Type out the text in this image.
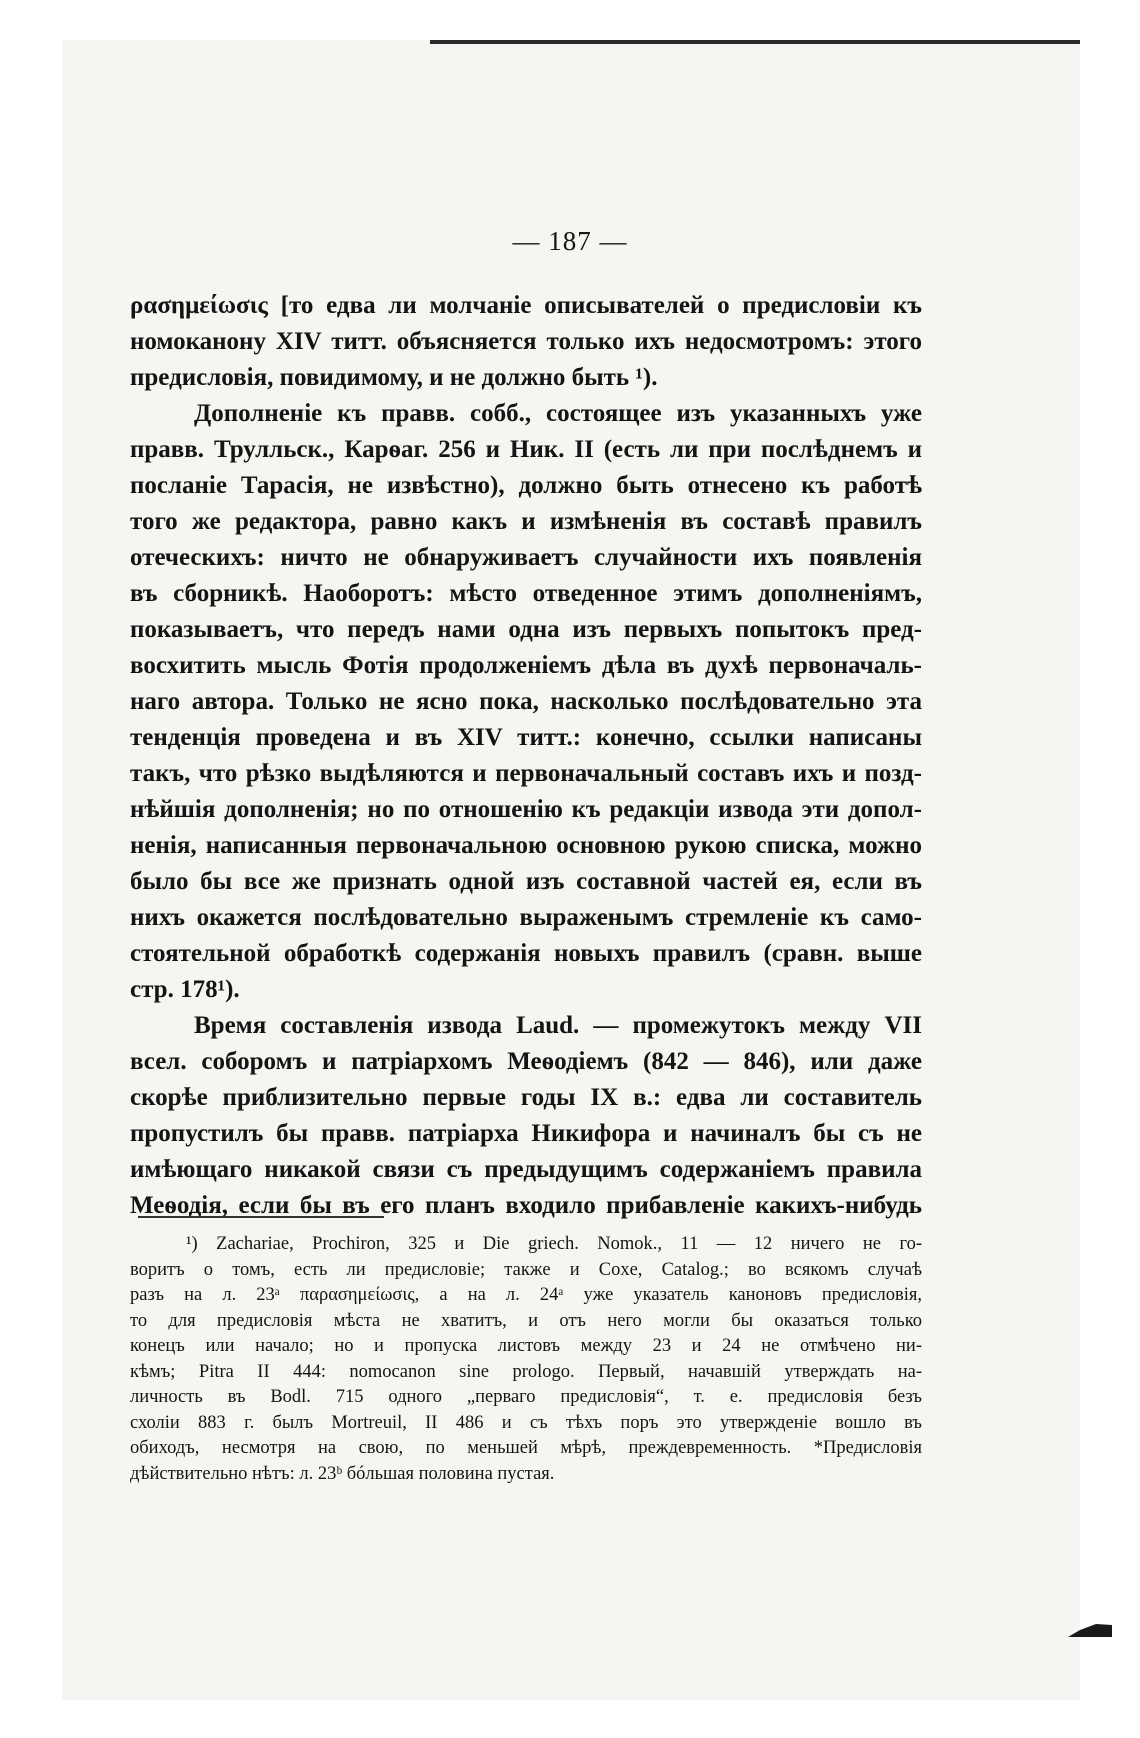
— 187 —
ρασημείωσις [то едва ли молчаніе описывателей о предисловіи къ
номоканону XIV титт. объясняется только ихъ недосмотромъ: этого
предисловія, повидимому, и не должно быть ¹).
Дополненіе къ правв. собб., состоящее изъ указанныхъ уже
правв. Трулльск., Карѳаг. 256 и Ник. II (есть ли при послѣднемъ и
посланіе Тарасія, не извѣстно), должно быть отнесено къ работѣ
того же редактора, равно какъ и измѣненія въ составѣ правилъ
отеческихъ: ничто не обнаруживаетъ случайности ихъ появленія
въ сборникѣ. Наоборотъ: мѣсто отведенное этимъ дополненіямъ,
показываетъ, что передъ нами одна изъ первыхъ попытокъ пред-
восхитить мысль Фотія продолженіемъ дѣла въ духѣ первоначаль-
наго автора. Только не ясно пока, насколько послѣдовательно эта
тенденція проведена и въ XIV титт.: конечно, ссылки написаны
такъ, что рѣзко выдѣляются и первоначальный составъ ихъ и позд-
нѣйшія дополненія; но по отношенію къ редакціи извода эти допол-
ненія, написанныя первоначальною основною рукою списка, можно
было бы все же признать одной изъ составной частей ея, если въ
нихъ окажется послѣдовательно выраженымъ стремленіе къ само-
стоятельной обработкѣ содержанія новыхъ правилъ (сравн. выше
стр. 178¹).
Время составленія извода Laud. — промежутокъ между VII
всел. соборомъ и патріархомъ Меѳодіемъ (842 — 846), или даже
скорѣе приблизительно первые годы IX в.: едва ли составитель
пропустилъ бы правв. патріарха Никифора и начиналъ бы съ не
имѣющаго никакой связи съ предыдущимъ содержаніемъ правила
Меѳодія, если бы въ его планъ входило прибавленіе какихъ-нибудь
¹) Zachariae, Prochiron, 325 и Die griech. Nomok., 11 — 12 ничего не го-
воритъ о томъ, есть ли предисловіе; также и Coxe, Catalog.; во всякомъ случаѣ
разъ на л. 23ᵃ παρασημείωσις, а на л. 24ᵃ уже указатель каноновъ предисловія,
то для предисловія мѣста не хватитъ, и отъ него могли бы оказаться только
конецъ или начало; но и пропуска листовъ между 23 и 24 не отмѣчено ни-
кѣмъ; Pitra II 444: nomocanon sine prologo. Первый, начавшій утверждать на-
личность въ Bodl. 715 одного „перваго предисловія“, т. е. предисловія безъ
схоліи 883 г. былъ Mortreuil, II 486 и съ тѣхъ поръ это утвержденіе вошло въ
обиходъ, несмотря на свою, по меньшей мѣрѣ, преждевременность. *Предисловія
дѣйствительно нѣтъ: л. 23ᵇ бóльшая половина пустая.
